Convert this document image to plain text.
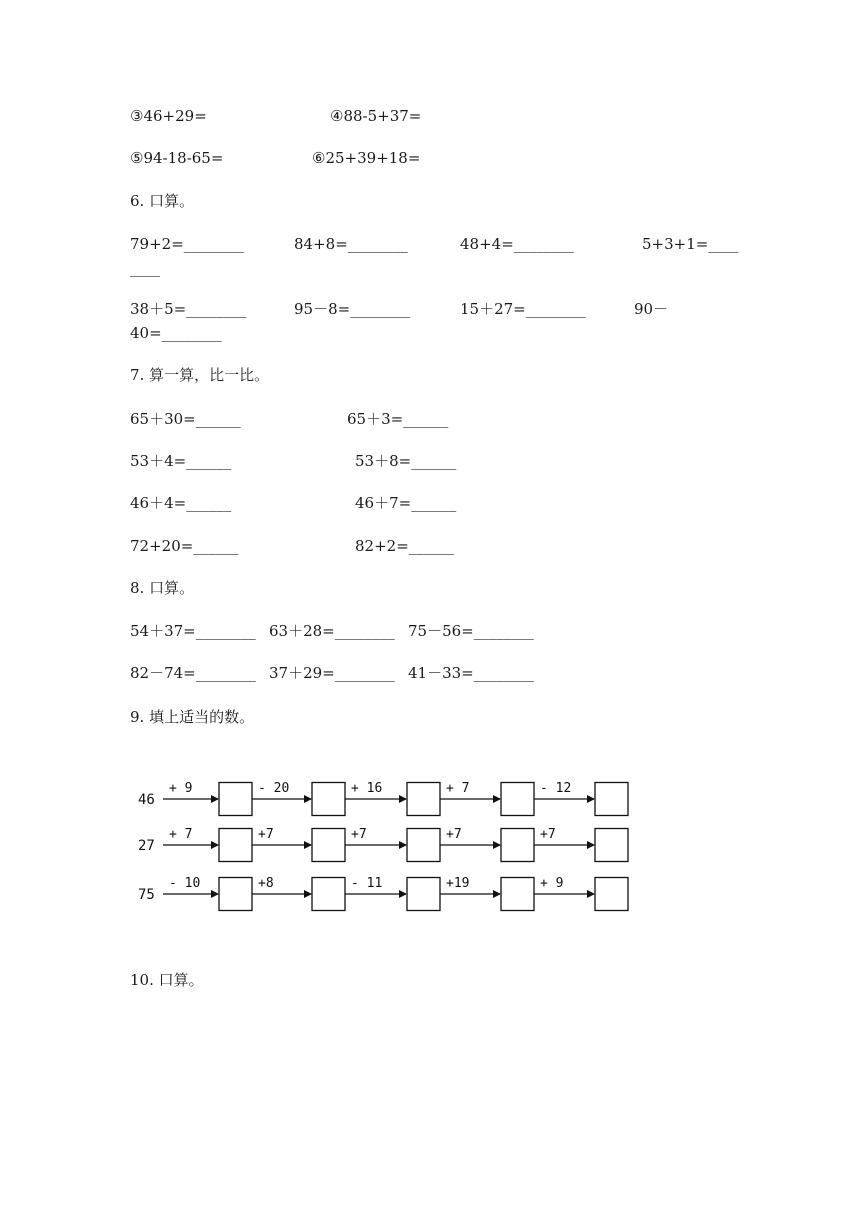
③46+29=	④88-5+37=
⑤94-18-65=	⑥25+39+18=
6. 口算。
79+2=________	84+8=________	48+4=________	5+3+1=____
____
38＋5=________	95－8=________	15＋27=________	90－
40=________
7. 算一算，比一比。
65＋30=______	65＋3=______
53＋4=______	53＋8=______
46＋4=______	46＋7=______
72+20=______	82+2=______
8. 口算。
54＋37=________ 63＋28=________ 75－56=________
82－74=________ 37＋29=________ 41－33=________
9. 填上适当的数。
46
+ 9	- 20	+ 16	+ 7	- 12
27
+ 7	+7	+7	+7	+7
75
- 10	+8	- 11	+19	+ 9
10. 口算。
